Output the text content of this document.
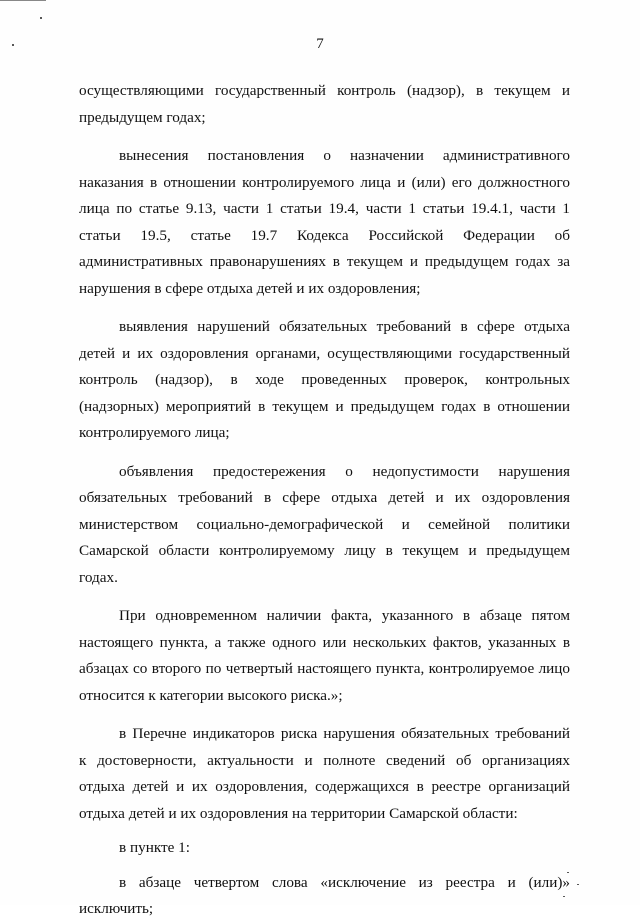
7
осуществляющими государственный контроль (надзор), в текущем и
предыдущем годах;
вынесения постановления о назначении административного
наказания в отношении контролируемого лица и (или) его должностного
лица по статье 9.13, части 1 статьи 19.4, части 1 статьи 19.4.1, части 1
статьи 19.5, статье 19.7 Кодекса Российской Федерации об
административных правонарушениях в текущем и предыдущем годах за
нарушения в сфере отдыха детей и их оздоровления;
выявления нарушений обязательных требований в сфере отдыха
детей и их оздоровления органами, осуществляющими государственный
контроль (надзор), в ходе проведенных проверок, контрольных
(надзорных) мероприятий в текущем и предыдущем годах в отношении
контролируемого лица;
объявления предостережения о недопустимости нарушения
обязательных требований в сфере отдыха детей и их оздоровления
министерством социально-демографической и семейной политики
Самарской области контролируемому лицу в текущем и предыдущем
годах.
При одновременном наличии факта, указанного в абзаце пятом
настоящего пункта, а также одного или нескольких фактов, указанных в
абзацах со второго по четвертый настоящего пункта, контролируемое лицо
относится к категории высокого риска.»;
в Перечне индикаторов риска нарушения обязательных требований
к достоверности, актуальности и полноте сведений об организациях
отдыха детей и их оздоровления, содержащихся в реестре организаций
отдыха детей и их оздоровления на территории Самарской области:
в пункте 1:
в абзаце четвертом слова «исключение из реестра и (или)»
исключить;
